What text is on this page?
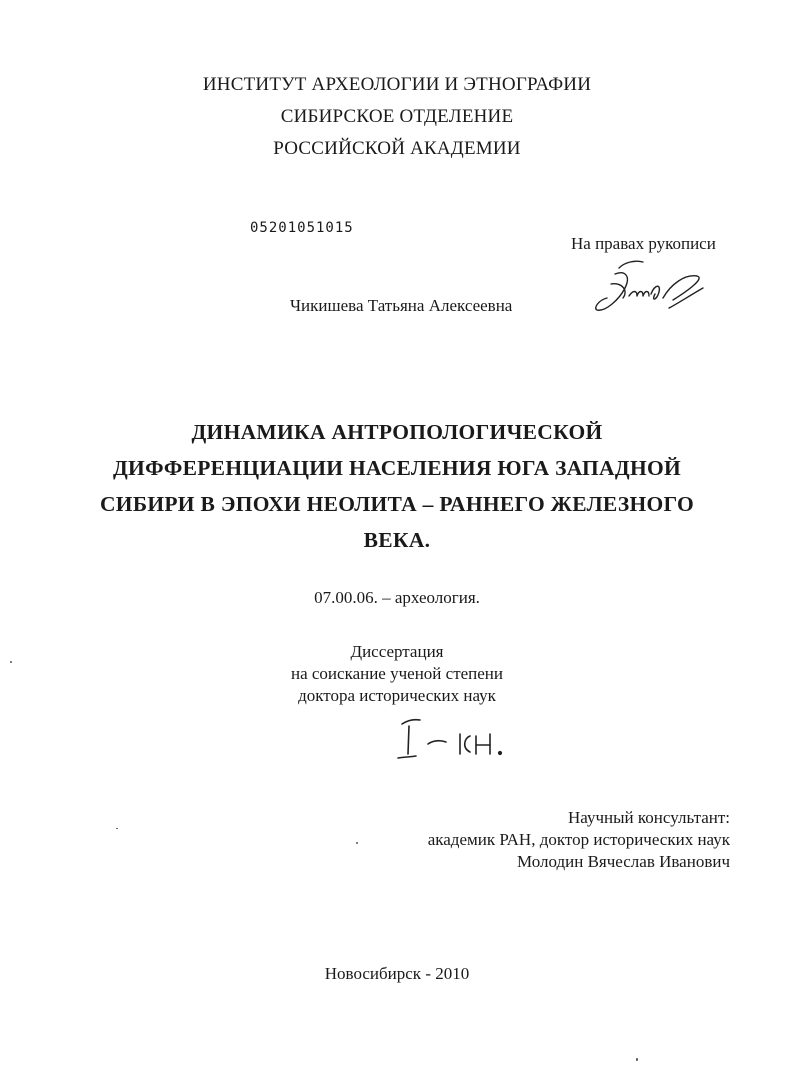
ИНСТИТУТ АРХЕОЛОГИИ И ЭТНОГРАФИИ
СИБИРСКОЕ ОТДЕЛЕНИЕ
РОССИЙСКОЙ АКАДЕМИИ
05201051015
На правах рукописи
Чикишева Татьяна Алексеевна
ДИНАМИКА АНТРОПОЛОГИЧЕСКОЙ
ДИФФЕРЕНЦИАЦИИ НАСЕЛЕНИЯ ЮГА ЗАПАДНОЙ
СИБИРИ В ЭПОХИ НЕОЛИТА – РАННЕГО ЖЕЛЕЗНОГО
ВЕКА.
07.00.06. – археология.
Диссертация
на соискание ученой степени
доктора исторических наук
Научный консультант:
академик РАН, доктор исторических наук
Молодин Вячеслав Иванович
Новосибирск - 2010
